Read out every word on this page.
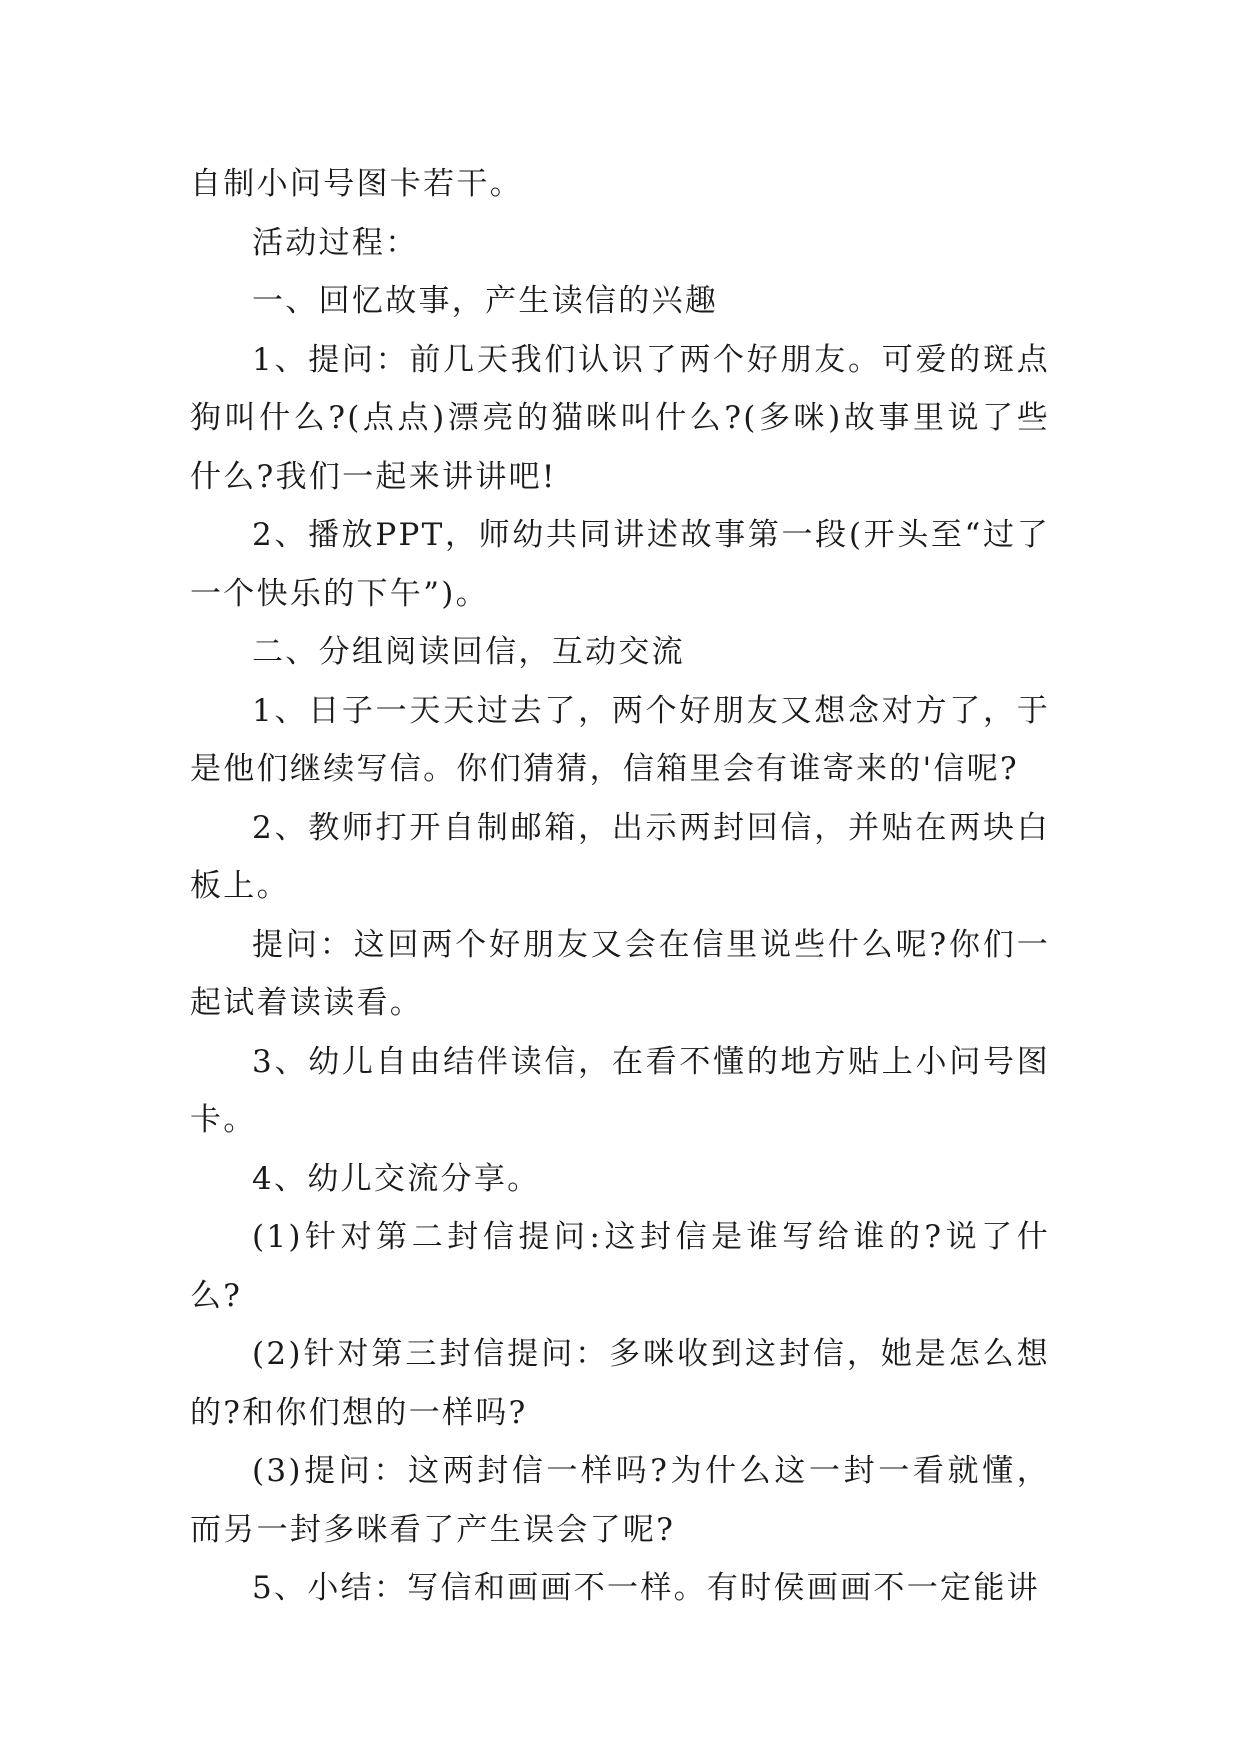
自制小问号图卡若干。

活动过程：

一、回忆故事，产生读信的兴趣

1、提问：前几天我们认识了两个好朋友。可爱的斑点狗叫什么?(点点)漂亮的猫咪叫什么?(多咪)故事里说了些什么?我们一起来讲讲吧!

2、播放PPT，师幼共同讲述故事第一段(开头至“过了一个快乐的下午”)。

二、分组阅读回信，互动交流

1、日子一天天过去了，两个好朋友又想念对方了，于是他们继续写信。你们猜猜，信箱里会有谁寄来的'信呢?

2、教师打开自制邮箱，出示两封回信，并贴在两块白板上。

提问：这回两个好朋友又会在信里说些什么呢?你们一起试着读读看。

3、幼儿自由结伴读信，在看不懂的地方贴上小问号图卡。

4、幼儿交流分享。

(1)针对第二封信提问:这封信是谁写给谁的?说了什么?

(2)针对第三封信提问：多咪收到这封信，她是怎么想的?和你们想的一样吗?

(3)提问：这两封信一样吗?为什么这一封一看就懂，而另一封多咪看了产生误会了呢?

5、小结：写信和画画不一样。有时侯画画不一定能讲
